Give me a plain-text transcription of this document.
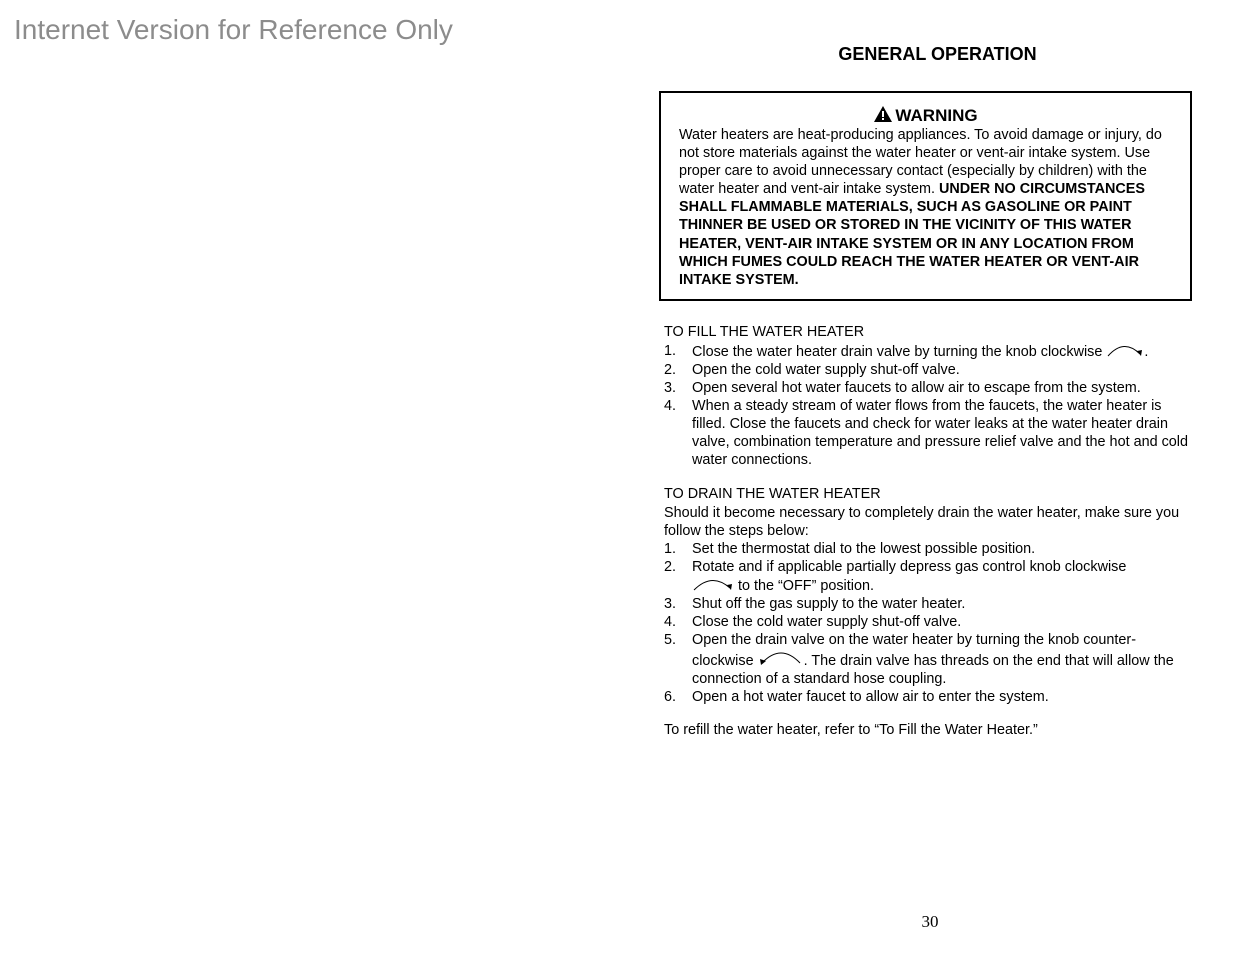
Internet Version for Reference Only
GENERAL OPERATION
WARNING
Water heaters are heat-producing appliances. To avoid damage or injury, do not store materials against the water heater or vent-air intake system. Use proper care to avoid unnecessary contact (especially by children) with the water heater and vent-air intake system. UNDER NO CIRCUMSTANCES SHALL FLAMMABLE MATERIALS, SUCH AS GASOLINE OR PAINT THINNER BE USED OR STORED IN THE VICINITY OF THIS WATER HEATER, VENT-AIR INTAKE SYSTEM OR IN ANY LOCATION FROM WHICH FUMES COULD REACH THE WATER HEATER OR VENT-AIR INTAKE SYSTEM.
TO FILL THE WATER HEATER
1. Close the water heater drain valve by turning the knob clockwise	.
2. Open the cold water supply shut-off valve.
3. Open several hot water faucets to allow air to escape from the system.
4. When a steady stream of water flows from the faucets, the water heater is filled. Close the faucets and check for water leaks at the water heater drain valve, combination temperature and pressure relief valve and the hot and cold water connections.
TO DRAIN THE WATER HEATER
Should it become necessary to completely drain the water heater, make sure you follow the steps below:
1. Set the thermostat dial to the lowest possible position.
2. Rotate and if applicable partially depress gas control knob clockwise
to the “OFF” position.
3. Shut off the gas supply to the water heater.
4. Close the cold water supply shut-off valve.
5. Open the drain valve on the water heater by turning the knob counter-clockwise	. The drain valve has threads on the end that will allow the connection of a standard hose coupling.
6. Open a hot water faucet to allow air to enter the system.
To refill the water heater, refer to “To Fill the Water Heater.”
30
